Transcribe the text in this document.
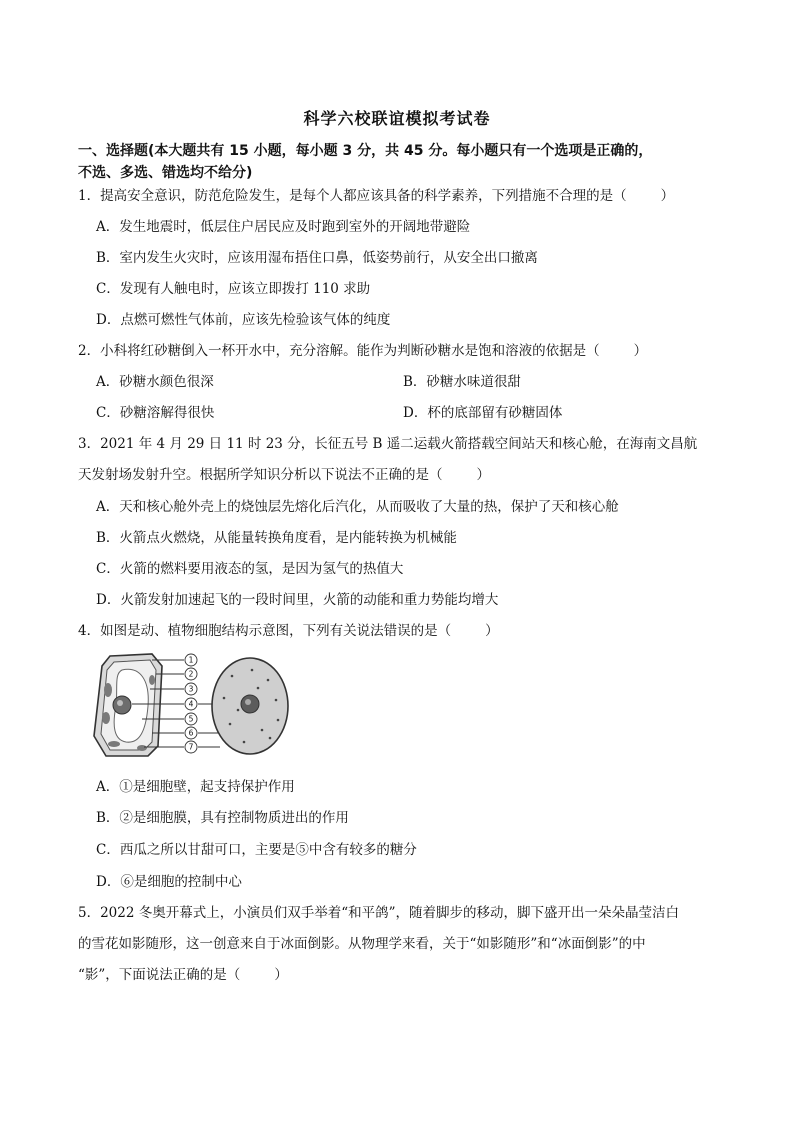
科学六校联谊模拟考试卷
一、选择题(本大题共有 15 小题，每小题 3 分，共 45 分。每小题只有一个选项是正确的，
不选、多选、错选均不给分)
1．提高安全意识，防范危险发生，是每个人都应该具备的科学素养，下列措施不合理的是（	）
A．发生地震时，低层住户居民应及时跑到室外的开阔地带避险
B．室内发生火灾时，应该用湿布捂住口鼻，低姿势前行，从安全出口撤离
C．发现有人触电时，应该立即拨打 110 求助
D．点燃可燃性气体前，应该先检验该气体的纯度
2．小科将红砂糖倒入一杯开水中，充分溶解。能作为判断砂糖水是饱和溶液的依据是（	）
A．砂糖水颜色很深	B．砂糖水味道很甜
C．砂糖溶解得很快	D．杯的底部留有砂糖固体
3．2021 年 4 月 29 日 11 时 23 分，长征五号 B 遥二运载火箭搭载空间站天和核心舱，在海南文昌航
天发射场发射升空。根据所学知识分析以下说法不正确的是（	）
A．天和核心舱外壳上的烧蚀层先熔化后汽化，从而吸收了大量的热，保护了天和核心舱
B．火箭点火燃烧，从能量转换角度看，是内能转换为机械能
C．火箭的燃料要用液态的氢，是因为氢气的热值大
D．火箭发射加速起飞的一段时间里，火箭的动能和重力势能均增大
4．如图是动、植物细胞结构示意图，下列有关说法错误的是（	）
1
2
3
4
5
6
7
A．①是细胞壁，起支持保护作用
B．②是细胞膜，具有控制物质进出的作用
C．西瓜之所以甘甜可口，主要是⑤中含有较多的糖分
D．⑥是细胞的控制中心
5．2022 冬奥开幕式上，小演员们双手举着“和平鸽”，随着脚步的移动，脚下盛开出一朵朵晶莹洁白
的雪花如影随形，这一创意来自于冰面倒影。从物理学来看，关于“如影随形”和“冰面倒影”的中
“影”，下面说法正确的是（	）
